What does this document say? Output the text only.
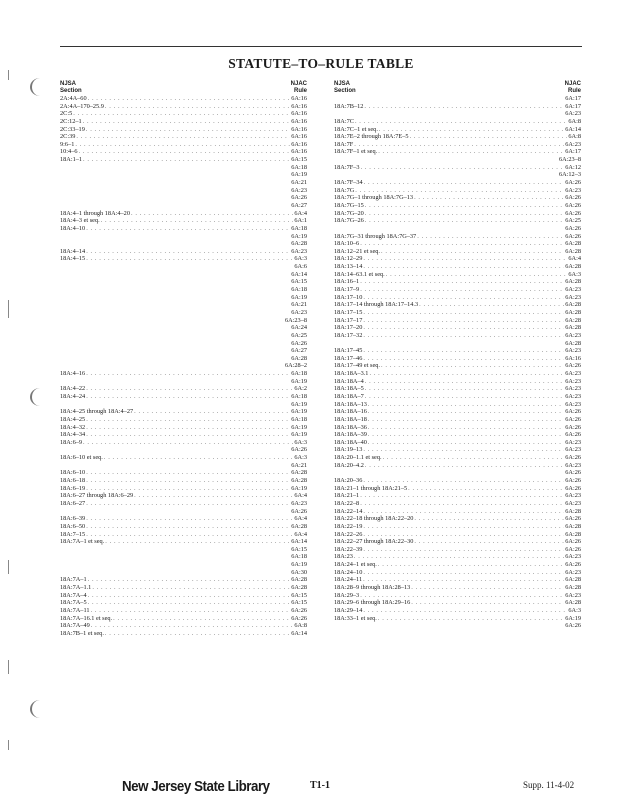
STATUTE–TO–RULE TABLE
NJSA
Section
NJAC
Rule
2A:4A–60 . . .	6A:16
2A:4A–170–25.9 . . .	6A:16
2C:5 . . .	6A:16
2C:12–1 . . .	6A:16
2C:33–19 . . .	6A:16
2C:39 . . .	6A:16
9:6–1 . . .	6A:16
10:4–6 . . .	6A:16
18A:1–1 . . .	6A:15
6A:18
6A:19
6A:21
6A:23
6A:26
6A:27
18A:4–1 through 18A:4–20 . . .	6A:4
18A:4–3 et seq. . . .	6A:1
18A:4–10 . . .	6A:18
6A:19
6A:28
18A:4–14 . . .	6A:23
18A:4–15 . . .	6A:3
6A:6
6A:14
6A:15
6A:18
6A:19
6A:21
6A:23
6A:23–8
6A:24
6A:25
6A:26
6A:27
6A:28
6A:28–2
18A:4–16 . . .	6A:18
6A:19
18A:4–22 . . .	6A:2
18A:4–24 . . .	6A:18
6A:19
18A:4–25 through 18A:4–27 . . .	6A:19
18A:4–25 . . .	6A:18
18A:4–32 . . .	6A:19
18A:4–34 . . .	6A:19
18A:6–9 . . .	6A:3
6A:26
18A:6–10 et seq. . . .	6A:3
6A:21
18A:6–10 . . .	6A:28
18A:6–18 . . .	6A:28
18A:6–19 . . .	6A:19
18A:6–27 through 18A:6–29 . . .	6A:4
18A:6–27 . . .	6A:23
6A:26
18A:6–39 . . .	6A:4
18A:6–50 . . .	6A:28
18A:7–15 . . .	6A:4
18A:7A–1 et seq. . . .	6A:14
6A:15
6A:18
6A:19
6A:30
18A:7A–1 . . .	6A:28
18A:7A–1.1 . . .	6A:28
18A:7A–4 . . .	6A:15
18A:7A–5 . . .	6A:15
18A:7A–11 . . .	6A:26
18A:7A–16.1 et seq. . . .	6A:26
18A:7A–49 . . .	6A:8
18A:7B–1 et seq. . . .	6A:14
NJSA
Section
NJAC
Rule
6A:17
18A:7B–12 . . .	6A:17
6A:23
18A:7C . . .	6A:8
18A:7C–1 et seq. . . .	6A:14
18A:7E–2 through 18A:7E–5 . . .	6A:8
18A:7F . . .	6A:23
18A:7F–1 et seq. . . .	6A:17
6A:23–8
18A:7F–3 . . .	6A:12
6A:12–3
18A:7F–34 . . .	6A:26
18A:7G . . .	6A:23
18A:7G–1 through 18A:7G–13 . . .	6A:26
18A:7G–15 . . .	6A:26
18A:7G–20 . . .	6A:26
18A:7G–26 . . .	6A:25
6A:26
18A:7G–31 through 18A:7G–37 . . .	6A:26
18A:10–6 . . .	6A:28
18A:12–21 et seq. . . .	6A:28
18A:12–29 . . .	6A:4
18A:13–14 . . .	6A:28
18A:14–63.1 et seq. . . .	6A:3
18A:16–1 . . .	6A:28
18A:17–9 . . .	6A:23
18A:17–10 . . .	6A:23
18A:17–14 through 18A:17–14.3 . . .	6A:28
18A:17–15 . . .	6A:28
18A:17–17 . . .	6A:28
18A:17–20 . . .	6A:28
18A:17–32 . . .	6A:23
6A:28
18A:17–45 . . .	6A:23
18A:17–46 . . .	6A:16
18A:17–49 et seq. . . .	6A:26
18A:18A–3.1 . . .	6A:23
18A:18A–4 . . .	6A:23
18A:18A–5 . . .	6A:23
18A:18A–7 . . .	6A:23
18A:18A–13 . . .	6A:23
18A:18A–16 . . .	6A:26
18A:18A–18 . . .	6A:26
18A:18A–36 . . .	6A:26
18A:18A–39 . . .	6A:26
18A:18A–40 . . .	6A:23
18A:19–13 . . .	6A:23
18A:20–1.1 et seq. . . .	6A:26
18A:20–4.2 . . .	6A:23
6A:26
18A:20–36 . . .	6A:26
18A:21–1 through 18A:21–5 . . .	6A:26
18A:21–1 . . .	6A:23
18A:22–8 . . .	6A:23
18A:22–14 . . .	6A:28
18A:22–18 through 18A:22–20 . . .	6A:26
18A:22–19 . . .	6A:28
18A:22–26 . . .	6A:28
18A:22–27 through 18A:22–30 . . .	6A:26
18A:22–39 . . .	6A:26
18A:23 . . .	6A:23
18A:24–1 et seq. . . .	6A:26
18A:24–10 . . .	6A:23
18A:24–11 . . .	6A:28
18A:28–9 through 18A:28–13 . . .	6A:28
18A:29–3 . . .	6A:23
18A:29–6 through 18A:29–16 . . .	6A:28
18A:29–14 . . .	6A:3
18A:33–1 et seq. . . .	6A:19
6A:26
New Jersey State Library	T1-1	Supp. 11-4-02
